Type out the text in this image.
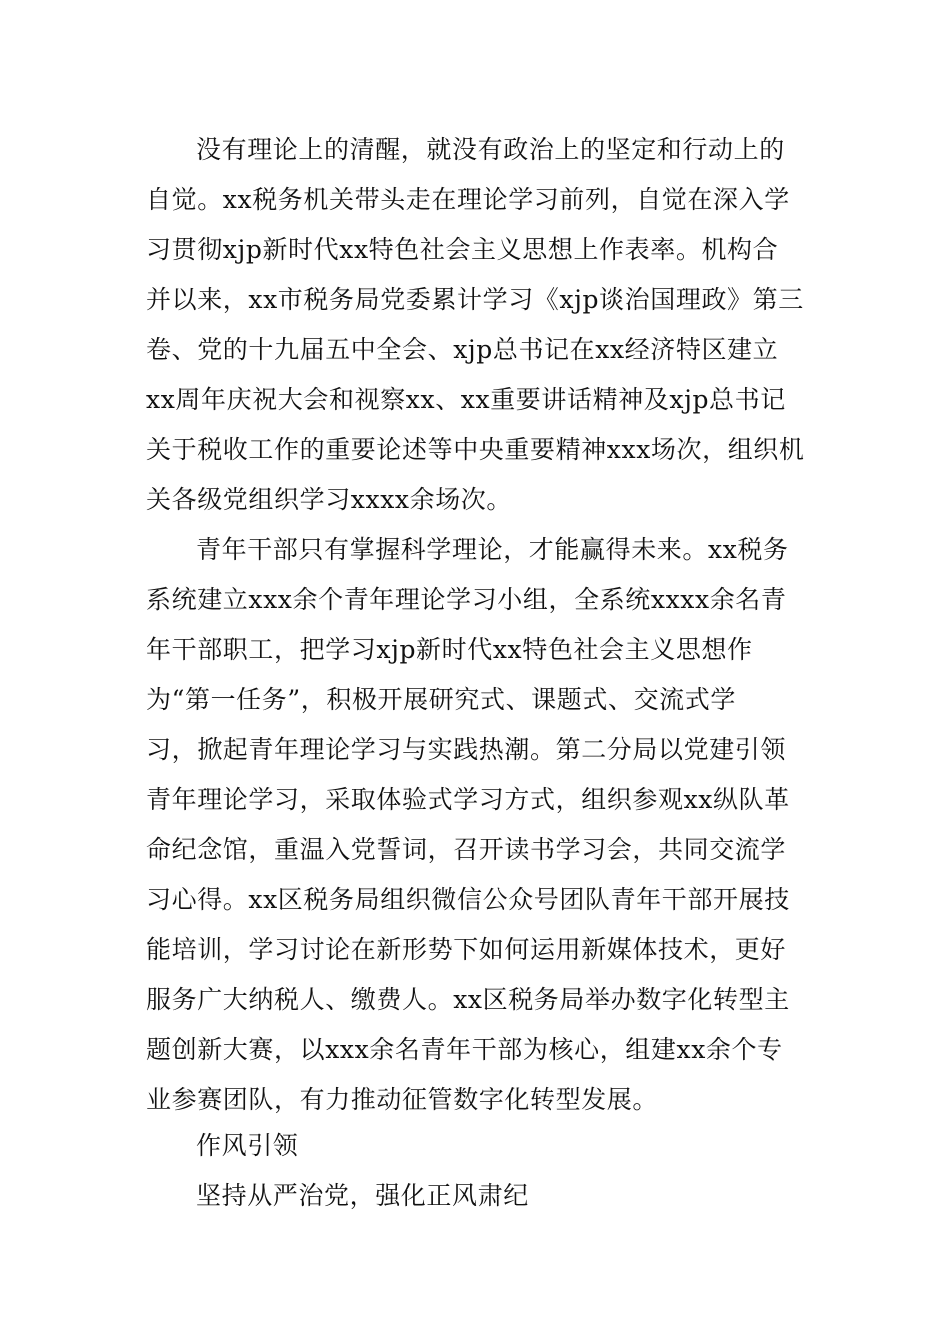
没有理论上的清醒，就没有政治上的坚定和行动上的
自觉。xx税务机关带头走在理论学习前列，自觉在深入学
习贯彻xjp新时代xx特色社会主义思想上作表率。机构合
并以来，xx市税务局党委累计学习《xjp谈治国理政》第三
卷、党的十九届五中全会、xjp总书记在xx经济特区建立
xx周年庆祝大会和视察xx、xx重要讲话精神及xjp总书记
关于税收工作的重要论述等中央重要精神xxx场次，组织机
关各级党组织学习xxxx余场次。
青年干部只有掌握科学理论，才能赢得未来。xx税务
系统建立xxx余个青年理论学习小组，全系统xxxx余名青
年干部职工，把学习xjp新时代xx特色社会主义思想作
为“第一任务”，积极开展研究式、课题式、交流式学
习，掀起青年理论学习与实践热潮。第二分局以党建引领
青年理论学习，采取体验式学习方式，组织参观xx纵队革
命纪念馆，重温入党誓词，召开读书学习会，共同交流学
习心得。xx区税务局组织微信公众号团队青年干部开展技
能培训，学习讨论在新形势下如何运用新媒体技术，更好
服务广大纳税人、缴费人。xx区税务局举办数字化转型主
题创新大赛，以xxx余名青年干部为核心，组建xx余个专
业参赛团队，有力推动征管数字化转型发展。
作风引领
坚持从严治党，强化正风肃纪
